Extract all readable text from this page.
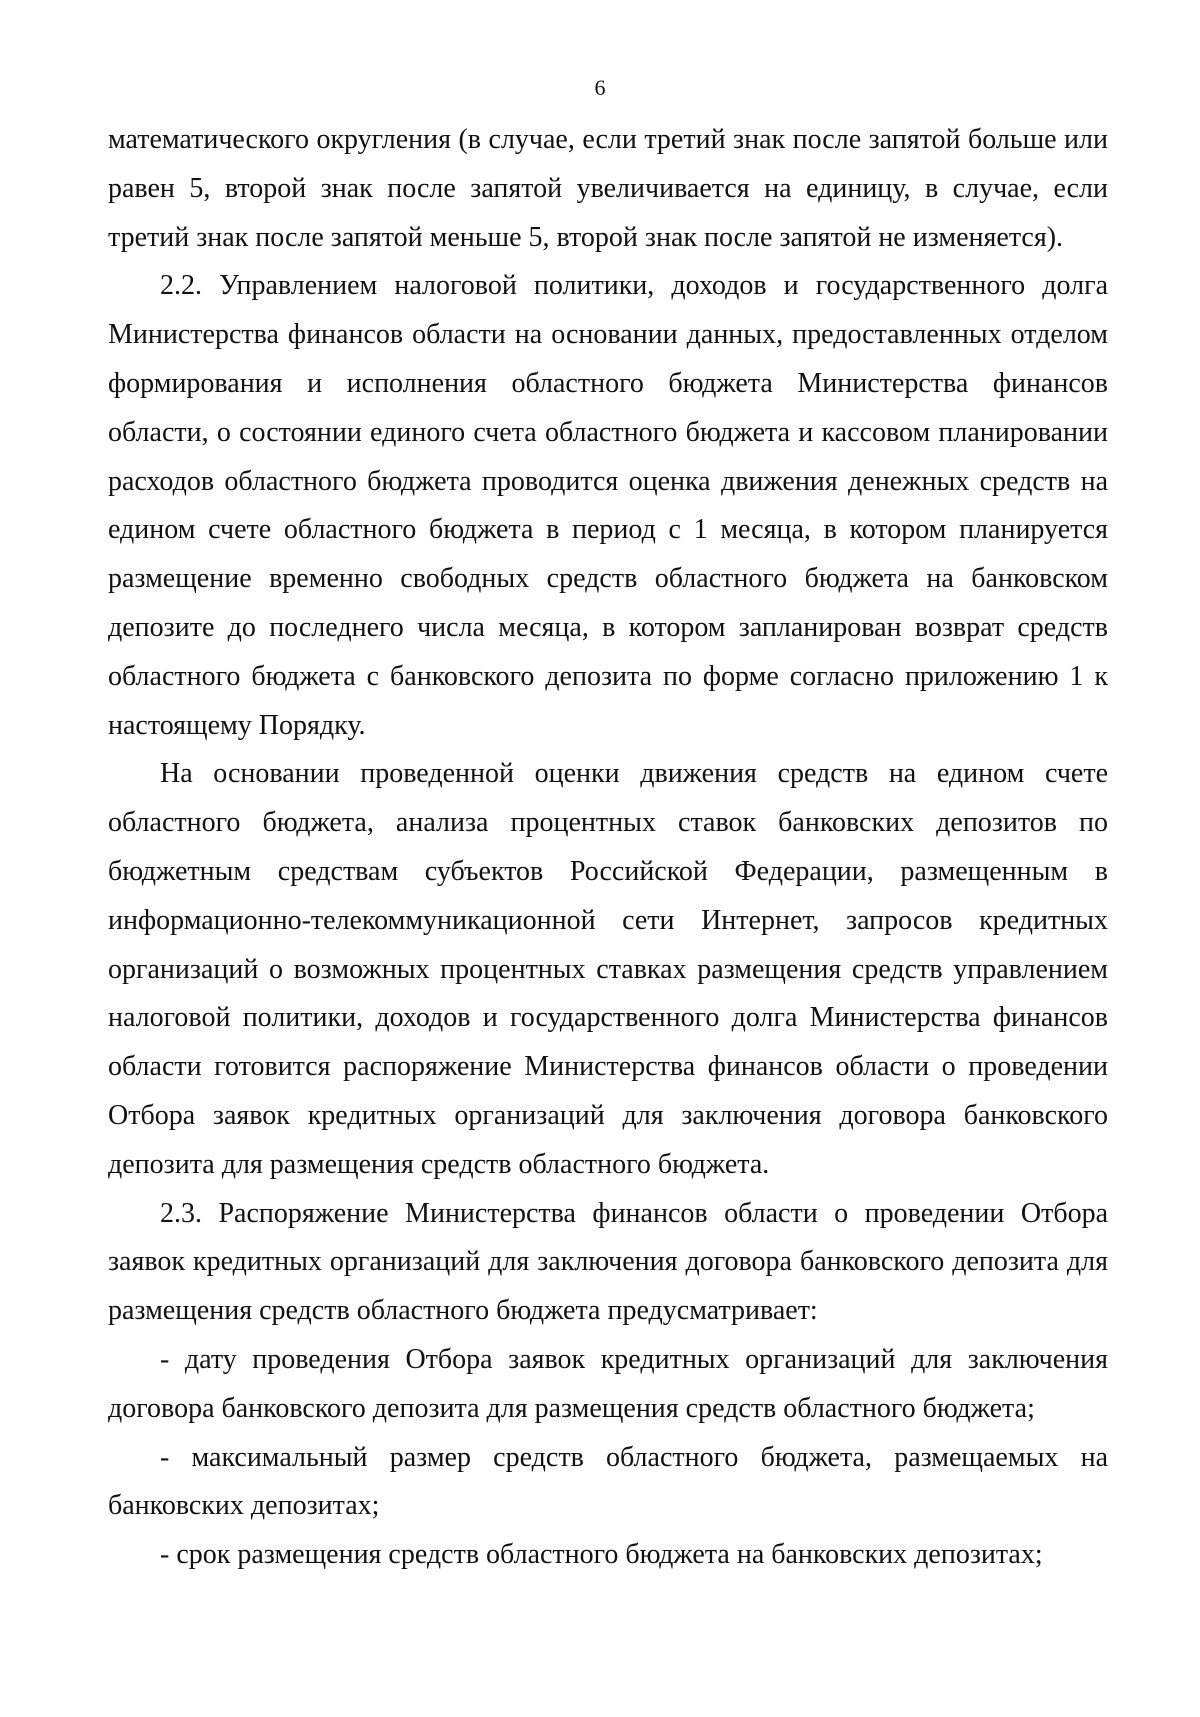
6

математического округления (в случае, если третий знак после запятой больше или равен 5, второй знак после запятой увеличивается на единицу, в случае, если третий знак после запятой меньше 5, второй знак после запятой не изменяется).

2.2. Управлением налоговой политики, доходов и государственного долга Министерства финансов области на основании данных, предоставленных отделом формирования и исполнения областного бюджета Министерства финансов области, о состоянии единого счета областного бюджета и кассовом планировании расходов областного бюджета проводится оценка движения денежных средств на едином счете областного бюджета в период с 1 месяца, в котором планируется размещение временно свободных средств областного бюджета на банковском депозите до последнего числа месяца, в котором запланирован возврат средств областного бюджета с банковского депозита по форме согласно приложению 1 к настоящему Порядку.

На основании проведенной оценки движения средств на едином счете областного бюджета, анализа процентных ставок банковских депозитов по бюджетным средствам субъектов Российской Федерации, размещенным в информационно-телекоммуникационной сети Интернет, запросов кредитных организаций о возможных процентных ставках размещения средств управлением налоговой политики, доходов и государственного долга Министерства финансов области готовится распоряжение Министерства финансов области о проведении Отбора заявок кредитных организаций для заключения договора банковского депозита для размещения средств областного бюджета.

2.3. Распоряжение Министерства финансов области о проведении Отбора заявок кредитных организаций для заключения договора банковского депозита для размещения средств областного бюджета предусматривает:

- дату проведения Отбора заявок кредитных организаций для заключения договора банковского депозита для размещения средств областного бюджета;

- максимальный размер средств областного бюджета, размещаемых на банковских депозитах;

- срок размещения средств областного бюджета на банковских депозитах;
